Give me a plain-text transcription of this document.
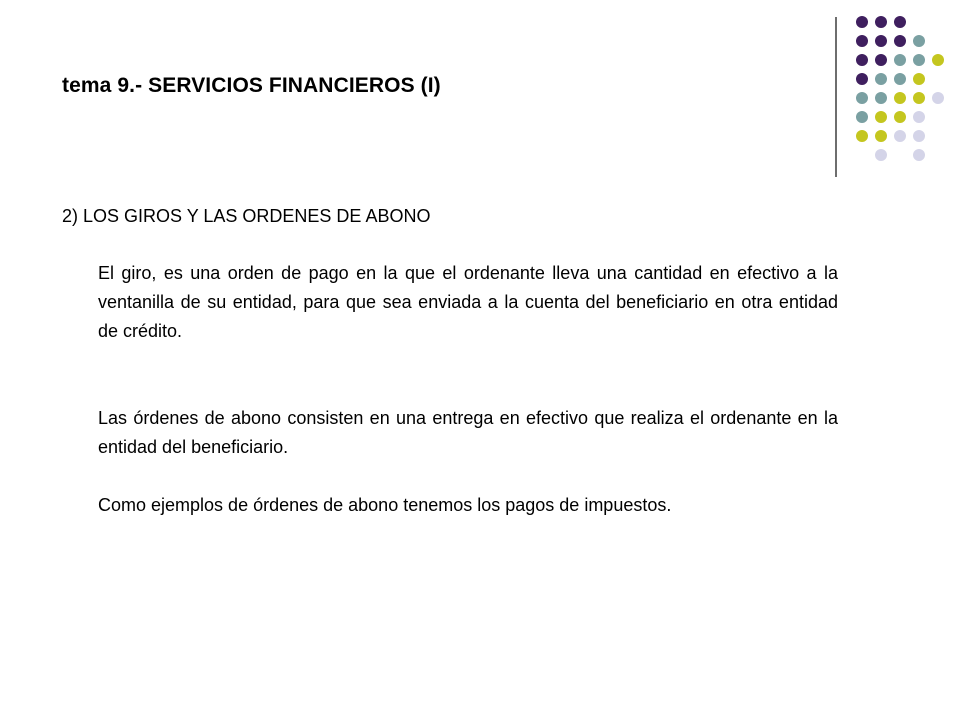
tema 9.- SERVICIOS FINANCIEROS (I)
2) LOS GIROS Y LAS ORDENES DE ABONO

El giro, es una orden de pago en la que el ordenante lleva una cantidad en efectivo a la ventanilla de su entidad, para que sea enviada a la cuenta del beneficiario en otra entidad de crédito.

Las órdenes de abono consisten en una entrega en efectivo que realiza el ordenante en la entidad del beneficiario.

Como ejemplos de órdenes de abono tenemos los pagos de impuestos.
